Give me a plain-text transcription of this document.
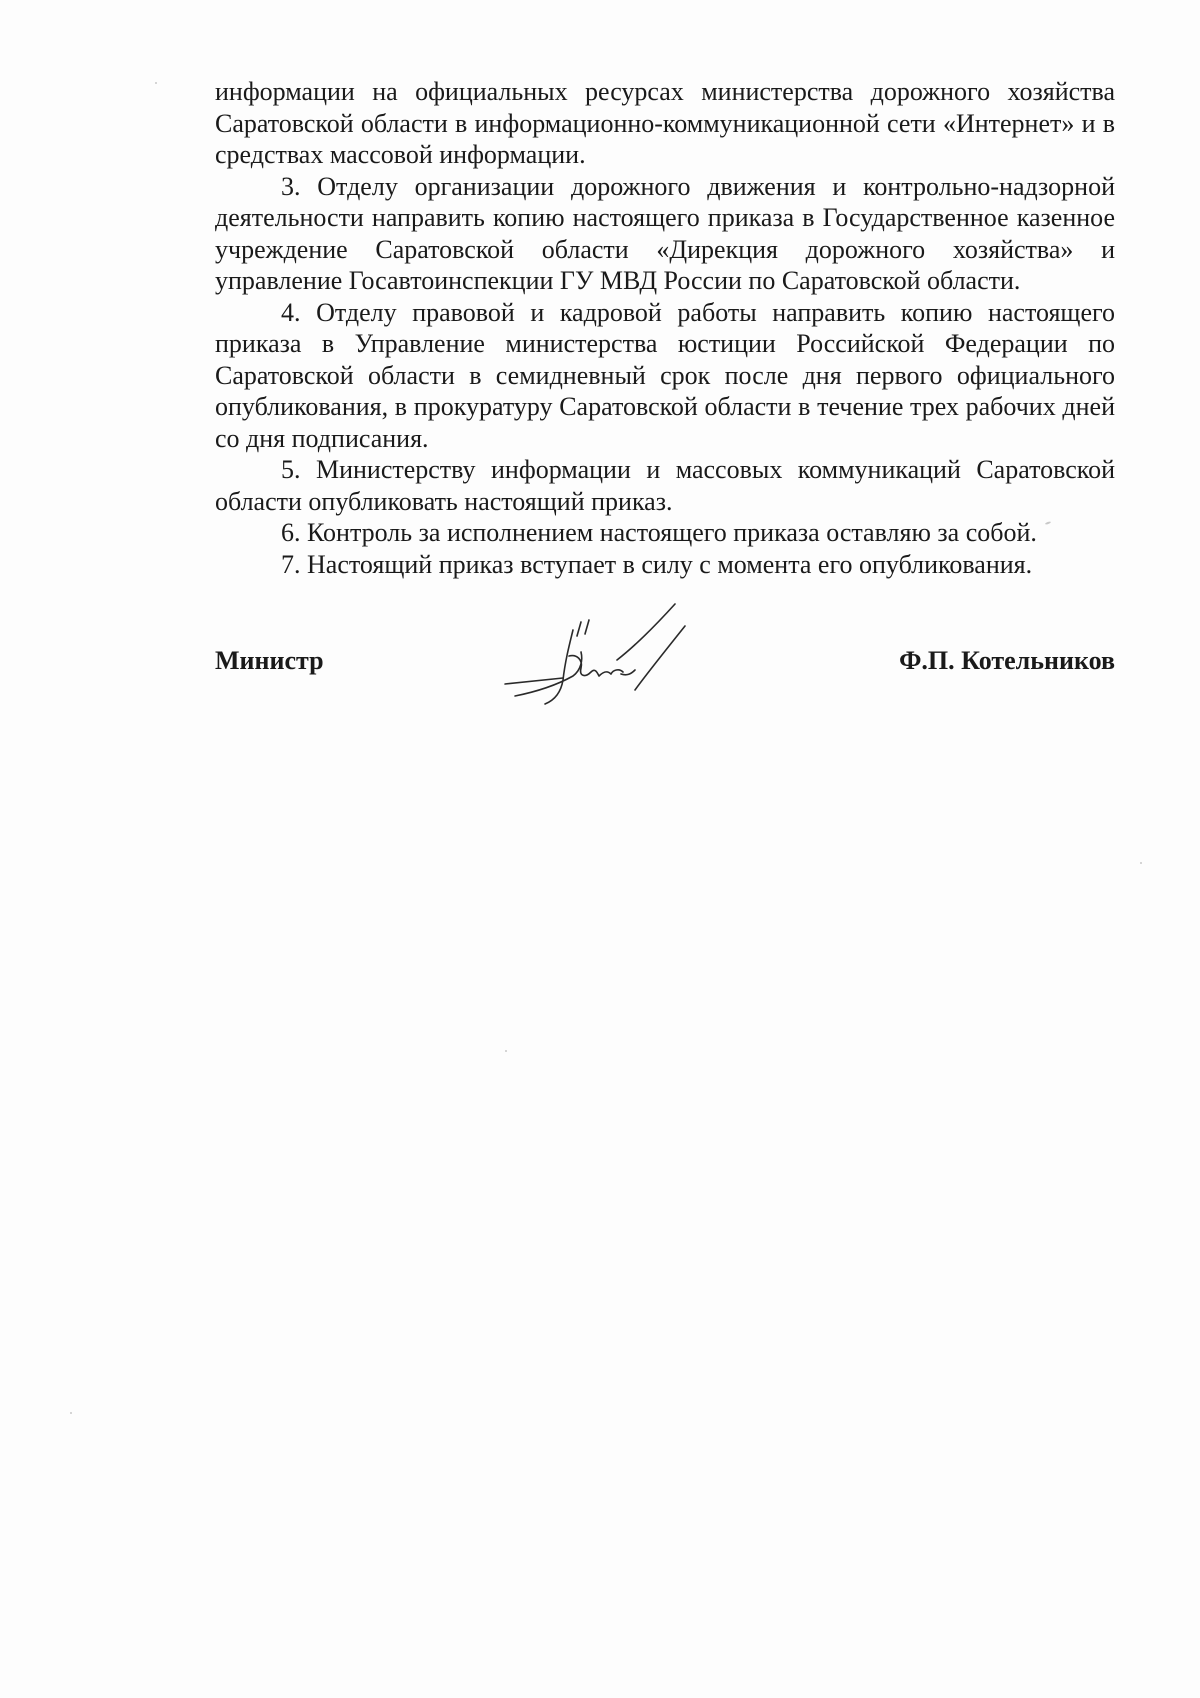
информации на официальных ресурсах министерства дорожного хозяйства Саратовской области в информационно-коммуникационной сети «Интернет» и в средствах массовой информации.

3. Отделу организации дорожного движения и контрольно-надзорной деятельности направить копию настоящего приказа в Государственное казенное учреждение Саратовской области «Дирекция дорожного хозяйства» и управление Госавтоинспекции ГУ МВД России по Саратовской области.

4. Отделу правовой и кадровой работы направить копию настоящего приказа в Управление министерства юстиции Российской Федерации по Саратовской области в семидневный срок после дня первого официального опубликования, в прокуратуру Саратовской области в течение трех рабочих дней со дня подписания.

5. Министерству информации и массовых коммуникаций Саратовской области опубликовать настоящий приказ.

6. Контроль за исполнением настоящего приказа оставляю за собой.

7. Настоящий приказ вступает в силу с момента его опубликования.

Министр	Ф.П. Котельников
